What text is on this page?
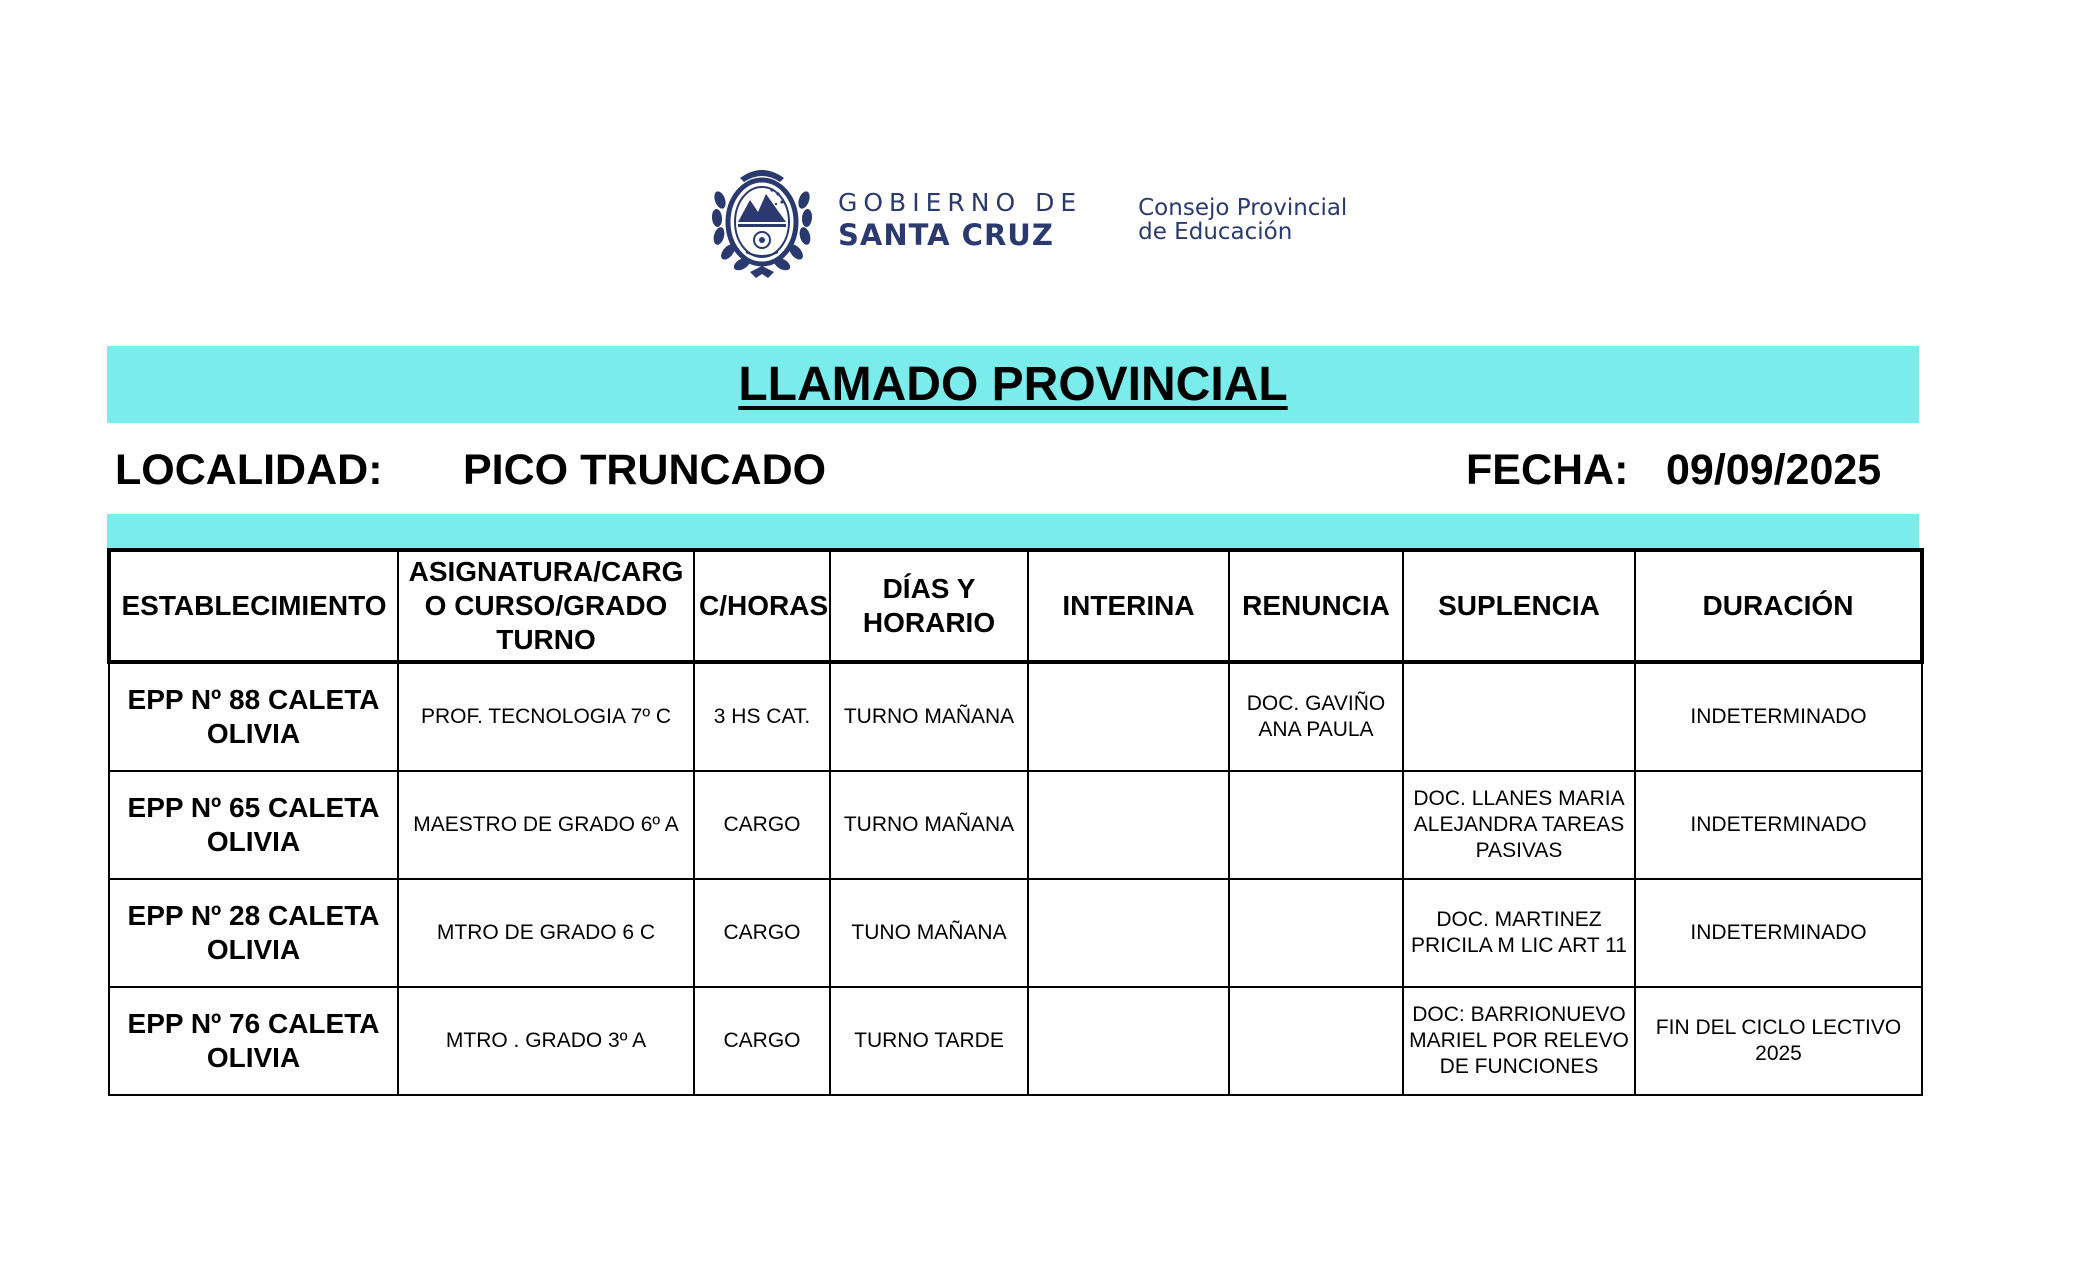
GOBIERNO DE
SANTA CRUZ
Consejo Provincial
de Educación
LLAMADO PROVINCIAL
LOCALIDAD: PICO TRUNCADO	FECHA: 09/09/2025
ESTABLECIMIENTO	ASIGNATURA/CARG O CURSO/GRADO TURNO	C/HORAS	DÍAS Y HORARIO	INTERINA	RENUNCIA	SUPLENCIA	DURACIÓN
EPP Nº 88 CALETA OLIVIA	PROF. TECNOLOGIA 7º C	3 HS CAT.	TURNO MAÑANA		DOC. GAVIÑO ANA PAULA		INDETERMINADO
EPP Nº 65 CALETA OLIVIA	MAESTRO DE GRADO 6º A	CARGO	TURNO MAÑANA			DOC. LLANES MARIA ALEJANDRA TAREAS PASIVAS	INDETERMINADO
EPP Nº 28 CALETA OLIVIA	MTRO DE GRADO 6 C	CARGO	TUNO MAÑANA			DOC. MARTINEZ PRICILA M LIC ART 11	INDETERMINADO
EPP Nº 76 CALETA OLIVIA	MTRO . GRADO 3º A	CARGO	TURNO TARDE			DOC: BARRIONUEVO MARIEL POR RELEVO DE FUNCIONES	FIN DEL CICLO LECTIVO 2025
